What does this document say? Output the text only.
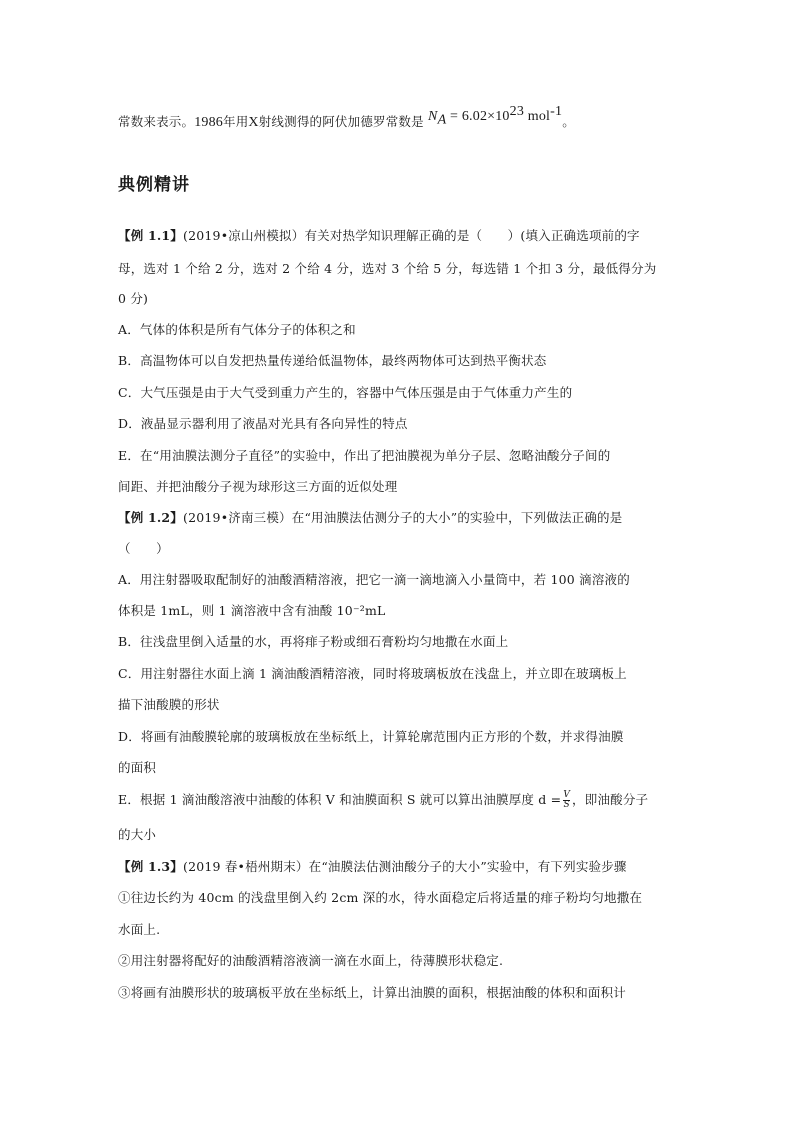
常数来表示。1986年用X射线测得的阿伏加德罗常数是 $N_A = 6.02\times 10^{23}$ mol$^{-1}$。
典例精讲
【例 1.1】(2019•凉山州模拟）有关对热学知识理解正确的是（　　）(填入正确选项前的字
母，选对 1 个给 2 分，选对 2 个给 4 分，选对 3 个给 5 分，每选错 1 个扣 3 分，最低得分为
0 分)
A．气体的体积是所有气体分子的体积之和
B．高温物体可以自发把热量传递给低温物体，最终两物体可达到热平衡状态
C．大气压强是由于大气受到重力产生的，容器中气体压强是由于气体重力产生的
D．液晶显示器利用了液晶对光具有各向异性的特点
E．在“用油膜法测分子直径”的实验中，作出了把油膜视为单分子层、忽略油酸分子间的
间距、并把油酸分子视为球形这三方面的近似处理
【例 1.2】(2019•济南三模）在“用油膜法估测分子的大小”的实验中，下列做法正确的是
（　　）
A．用注射器吸取配制好的油酸酒精溶液，把它一滴一滴地滴入小量筒中，若 100 滴溶液的
体积是 1mL，则 1 滴溶液中含有油酸 10⁻²mL
B．往浅盘里倒入适量的水，再将痱子粉或细石膏粉均匀地撒在水面上
C．用注射器往水面上滴 1 滴油酸酒精溶液，同时将玻璃板放在浅盘上，并立即在玻璃板上
描下油酸膜的形状
D．将画有油酸膜轮廓的玻璃板放在坐标纸上，计算轮廓范围内正方形的个数，并求得油膜
的面积
E．根据 1 滴油酸溶液中油酸的体积 V 和油膜面积 S 就可以算出油膜厚度 $d = \frac{V}{S}$ ，即油酸分子
的大小
【例 1.3】(2019 春•梧州期末）在“油膜法估测油酸分子的大小”实验中，有下列实验步骤
①往边长约为 40cm 的浅盘里倒入约 2cm 深的水，待水面稳定后将适量的痱子粉均匀地撒在
水面上.
②用注射器将配好的油酸酒精溶液滴一滴在水面上，待薄膜形状稳定.
③将画有油膜形状的玻璃板平放在坐标纸上，计算出油膜的面积，根据油酸的体积和面积计
